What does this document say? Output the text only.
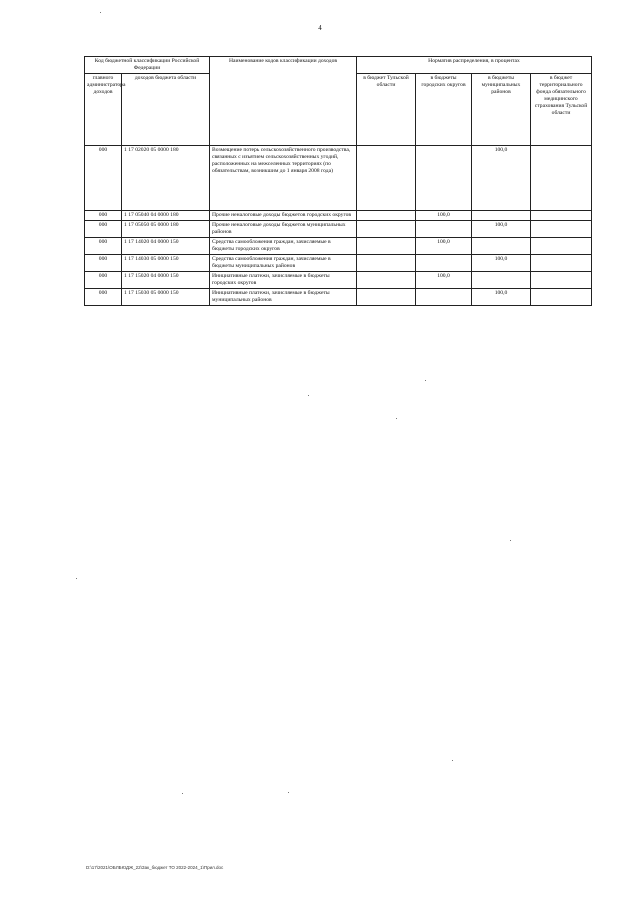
4
Код бюджетной классификации Российской Федерации		Наименование кодов классификации доходов	Норматив распределения, в процентах			
главного администратора доходов	доходов бюджета области		в бюджет Тульской области	в бюджеты городских округов	в бюджеты муниципальных районов	в бюджет территориального фонда обязательного медицинского страхования Тульской области
000	1 17 02020 05 0000 180	Возмещение потерь сельскохозяйственного производства, связанных с изъятием сельскохозяйственных угодий, расположенных на межселенных территориях (по обязательствам, возникшим до 1 января 2008 года)			100,0	
000	1 17 05040 04 0000 180	Прочие неналоговые доходы бюджетов городских округов		100,0		
000	1 17 05050 05 0000 180	Прочие неналоговые доходы бюджетов муниципальных районов			100,0	
000	1 17 14020 04 0000 150	Средства самообложения граждан, зачисляемые в бюджеты городских округов		100,0		
000	1 17 14030 05 0000 150	Средства самообложения граждан, зачисляемые в бюджеты муниципальных районов			100,0	
000	1 17 15020 04 0000 150	Инициативные платежи, зачисляемые в бюджеты городских округов		100,0		
000	1 17 15030 05 0000 150	Инициативные платежи, зачисляемые в бюджеты муниципальных районов			100,0	
D:\17\2021\ОБЛБЮДЖ_22\Зак_бюджет ТО 2022-2024_1\Прил.doc
